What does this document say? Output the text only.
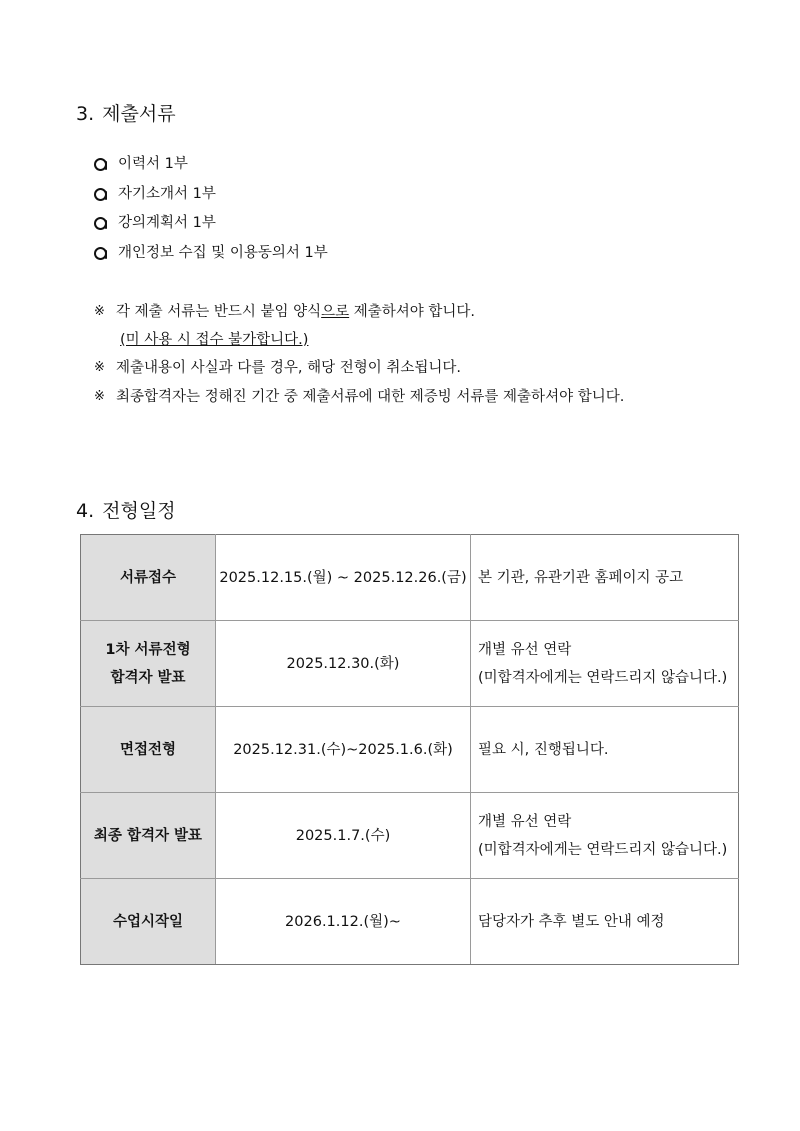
3. 제출서류
이력서 1부
자기소개서 1부
강의계획서 1부
개인정보 수집 및 이용동의서 1부
※ 각 제출 서류는 반드시 붙임 양식으로 제출하셔야 합니다.
(미 사용 시 접수 불가합니다.)
※ 제출내용이 사실과 다를 경우, 해당 전형이 취소됩니다.
※ 최종합격자는 정해진 기간 중 제출서류에 대한 제증빙 서류를 제출하셔야 합니다.
4. 전형일정
서류접수	2025.12.15.(월) ~ 2025.12.26.(금)	본 기관, 유관기관 홈페이지 공고

1차 서류전형
합격자 발표	2025.12.30.(화)	개별 유선 연락
(미합격자에게는 연락드리지 않습니다.)

면접전형	2025.12.31.(수)~2025.1.6.(화)	필요 시, 진행됩니다.

최종 합격자 발표	2025.1.7.(수)	개별 유선 연락
(미합격자에게는 연락드리지 않습니다.)

수업시작일	2026.1.12.(월)~	담당자가 추후 별도 안내 예정
